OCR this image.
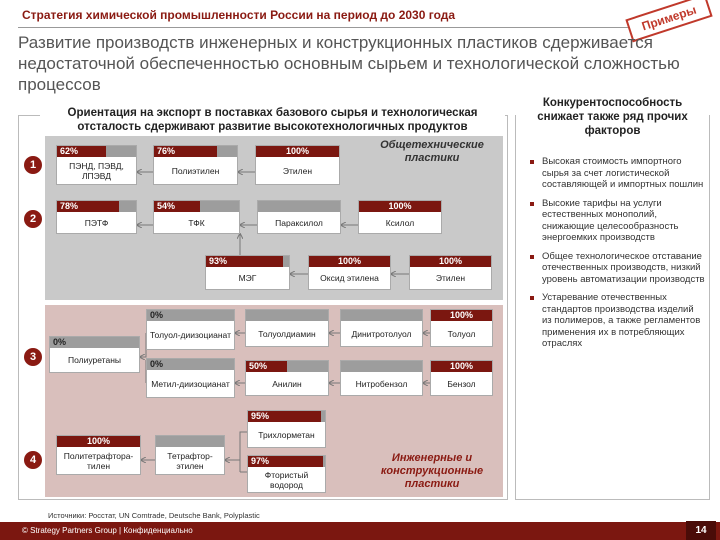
Стратегия химической промышленности России на период до 2030 года	Примеры
Развитие производств инженерных и конструкционных пластиков сдерживается недостаточной обеспеченностью основным сырьем и технологической сложностью процессов
Ориентация на экспорт в поставках базового сырья и технологическая отсталость сдерживают развитие высокотехнологичных продуктов
Общетехнические пластики
Инженерные и конструкционные пластики
1
2
3
4
62%
ПЭНД, ПЭВД, ЛПЭВД
76%
Полиэтилен
100%
Этилен
78%
ПЭТФ
54%
ТФК	Параксилол
100%
Ксилол
93%
МЭГ
100%
Оксид этилена
100%
Этилен
0%
Толуол-диизоцианат	Толуолдиамин	Динитротолуол
100%
Толуол
0%
Полиуретаны	0%
Метил-диизоцианат
50%
Анилин	Нитробензол
100%
Бензол
95%
Трихлорметан
100%
Политетрафтора-тилен
Тетрафтор-этилен	97%
Фтористый водород
Источники: Росстат, UN Comtrade, Deutsche Bank, Polyplastic
Конкурентоспособность снижает также ряд прочих факторов
Высокая стоимость импортного сырья за счет логистической составляющей и импортных пошлин
Высокие тарифы на услуги естественных монополий, снижающие целесообразность энергоемких производств
Общее технологическое отставание отечественных производств, низкий уровень автоматизации производств
Устаревание отечественных стандартов производства изделий из полимеров, а также регламентов применения их в потребляющих отраслях
© Strategy Partners Group | Конфиденциально	14
